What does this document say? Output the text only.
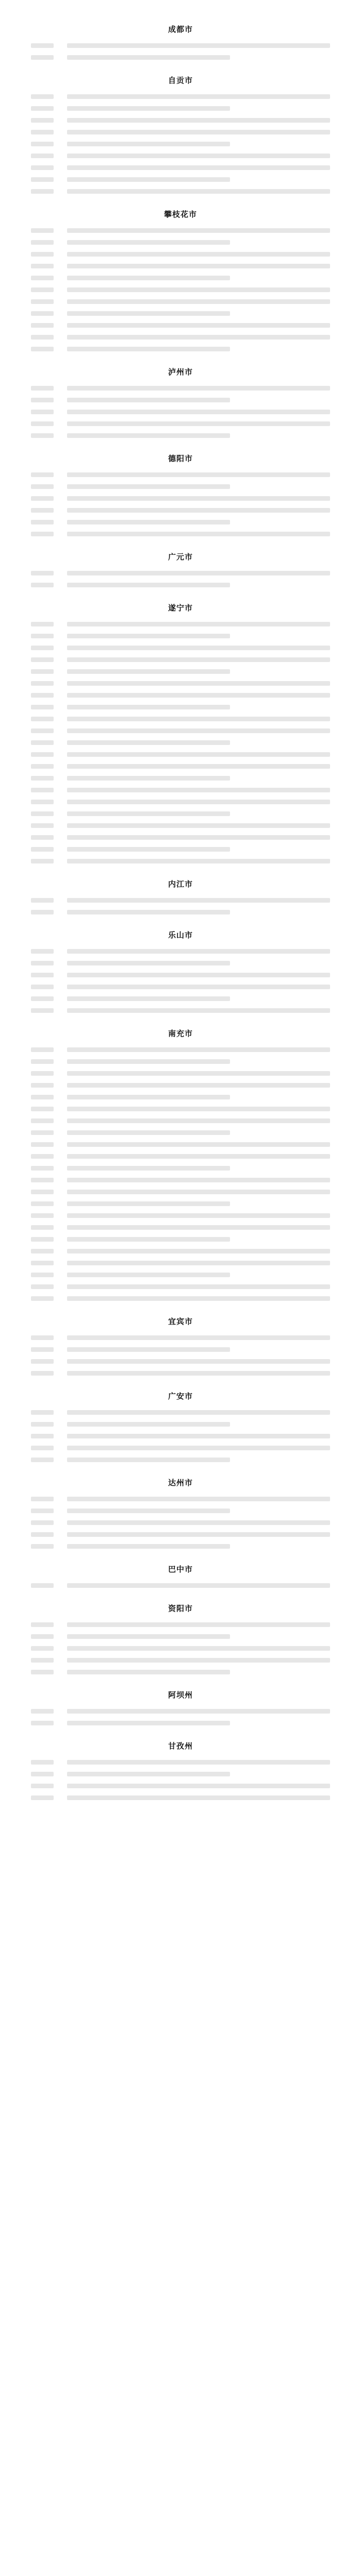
成都市
自贡市
攀枝花市
泸州市
德阳市
广元市
遂宁市
内江市
乐山市
南充市
宜宾市
广安市
达州市
巴中市
资阳市
阿坝州
甘孜州
